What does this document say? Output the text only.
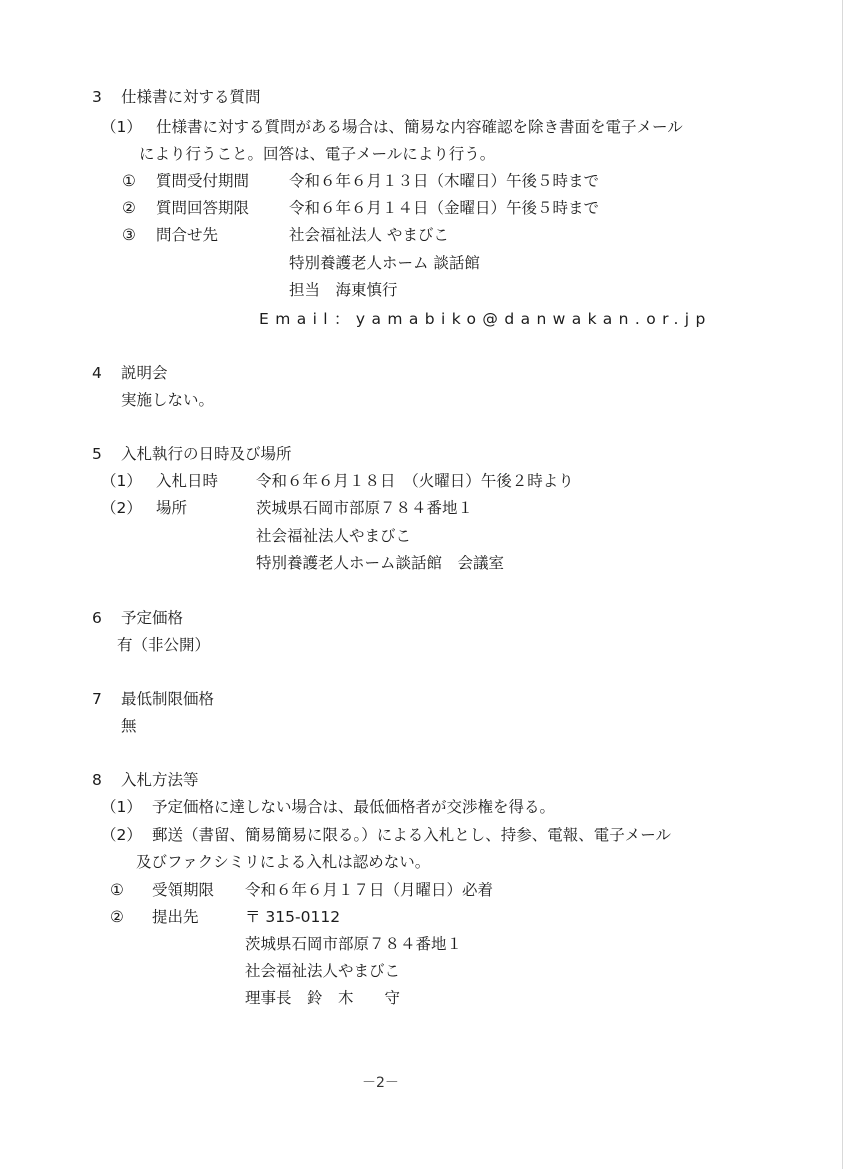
3 仕様書に対する質問
（1） 仕様書に対する質問がある場合は、簡易な内容確認を除き書面を電子メール
により行うこと。回答は、電子メールにより行う。
① 質問受付期間	令和６年６月１３日（木曜日）午後５時まで
② 質問回答期限	令和６年６月１４日（金曜日）午後５時まで
③ 問合せ先	社会福祉法人 やまびこ
特別養護老人ホーム 談話館
担当　海東慎行
Email：yamabiko@danwakan.or.jp
4 説明会
実施しない。
5 入札執行の日時及び場所
（1） 入札日時 令和６年６月１８日　（火曜日）午後２時より
（2） 場所	茨城県石岡市部原７８４番地１
社会福祉法人やまびこ
特別養護老人ホーム談話館　会議室
6 予定価格
有（非公開）
7 最低制限価格
無
8 入札方法等
（1） 予定価格に達しない場合は、最低価格者が交渉権を得る。
（2） 郵送（書留、簡易簡易に限る。）による入札とし、持参、電報、電子メール
及びファクシミリによる入札は認めない。
① 受領期限 令和６年６月１７日（月曜日）必着
② 提出先	〒 315-0112
茨城県石岡市部原７８４番地１
社会福祉法人やまびこ
理事長　鈴　木　　守
－2－
